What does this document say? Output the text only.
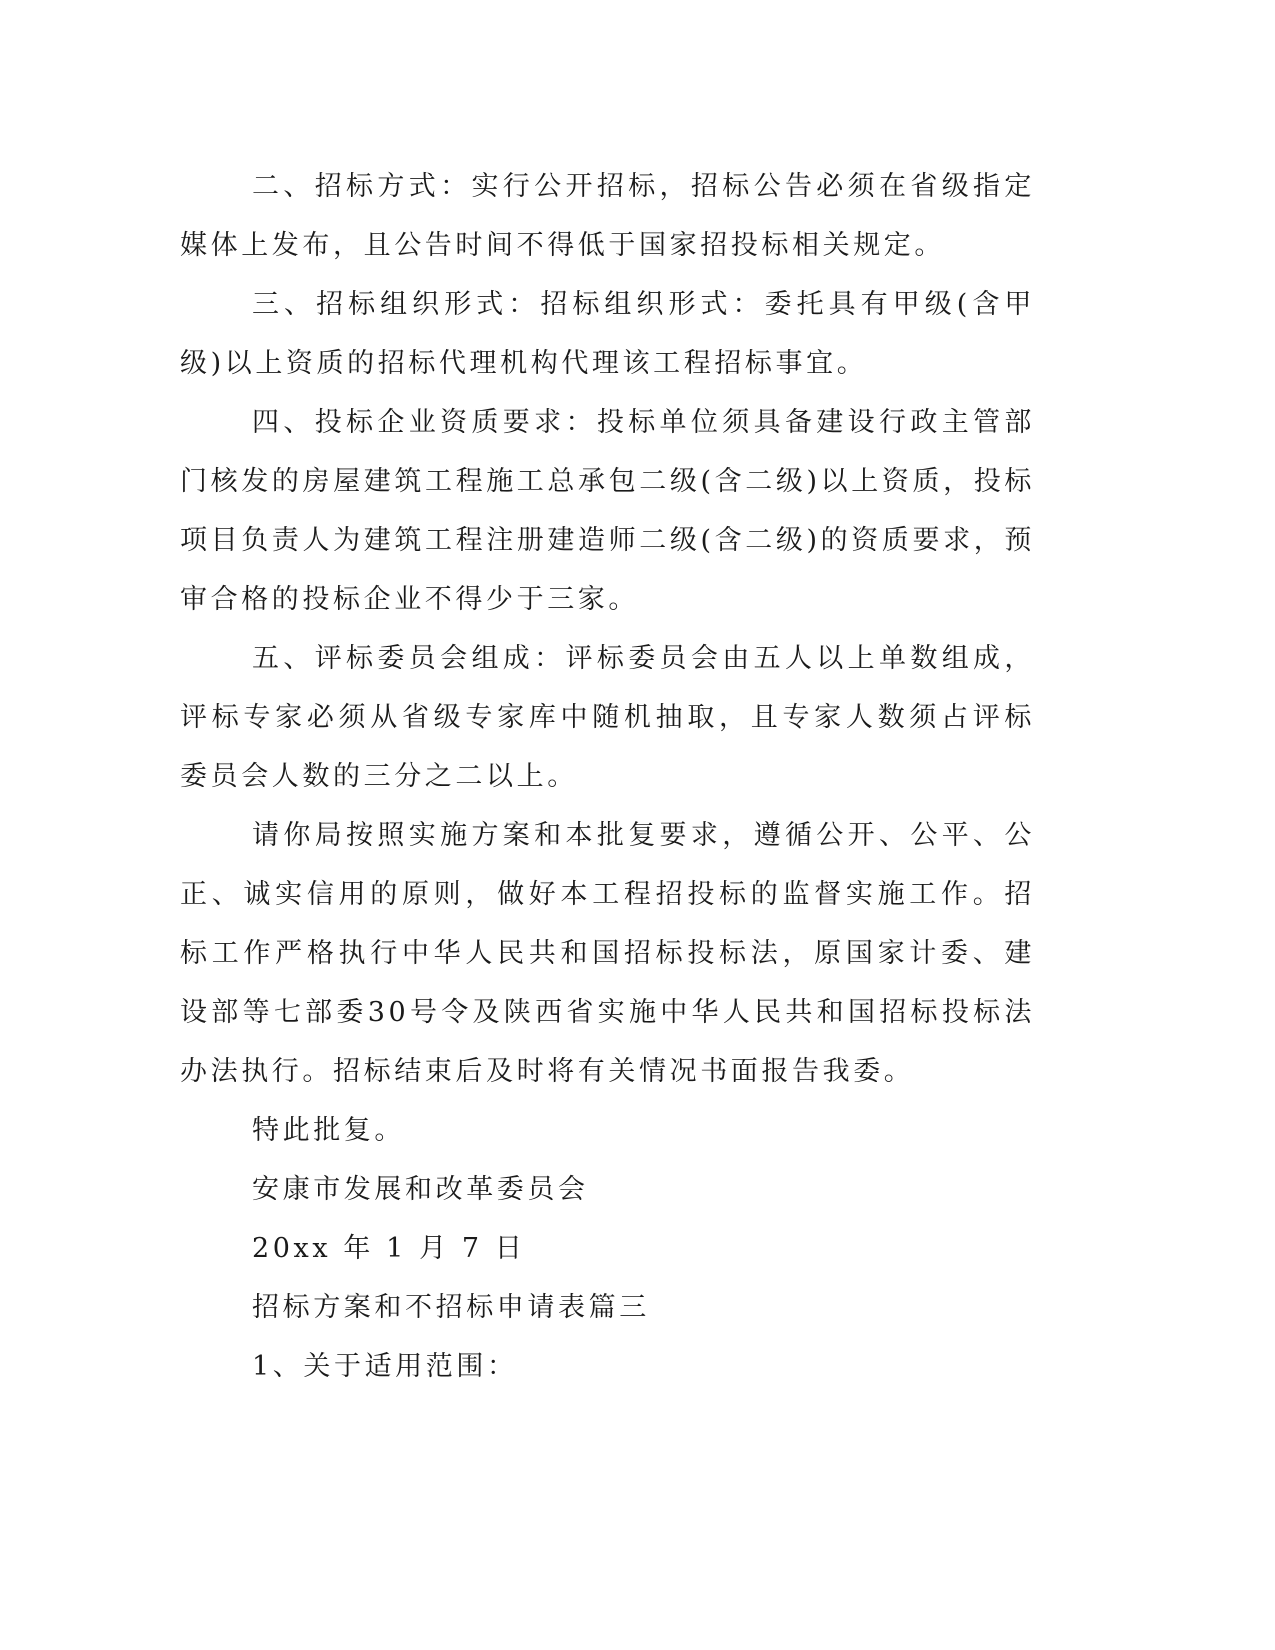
二、招标方式：实行公开招标，招标公告必须在省级指定媒体上发布，且公告时间不得低于国家招投标相关规定。

三、招标组织形式：招标组织形式：委托具有甲级(含甲级)以上资质的招标代理机构代理该工程招标事宜。

四、投标企业资质要求：投标单位须具备建设行政主管部门核发的房屋建筑工程施工总承包二级(含二级)以上资质，投标项目负责人为建筑工程注册建造师二级(含二级)的资质要求，预审合格的投标企业不得少于三家。

五、评标委员会组成：评标委员会由五人以上单数组成，评标专家必须从省级专家库中随机抽取，且专家人数须占评标委员会人数的三分之二以上。

请你局按照实施方案和本批复要求，遵循公开、公平、公正、诚实信用的原则，做好本工程招投标的监督实施工作。招标工作严格执行中华人民共和国招标投标法，原国家计委、建设部等七部委30号令及陕西省实施中华人民共和国招标投标法办法执行。招标结束后及时将有关情况书面报告我委。

特此批复。

安康市发展和改革委员会

20xx 年 1 月 7 日

招标方案和不招标申请表篇三

1、关于适用范围：
